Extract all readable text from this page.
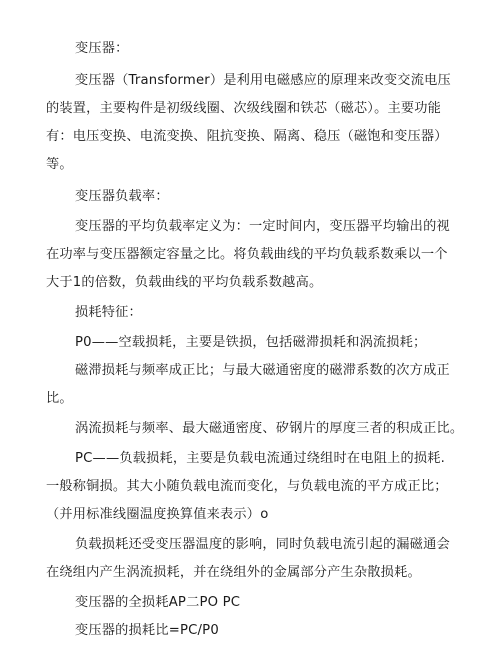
变压器：
变压器（Transformer）是利用电磁感应的原理来改变交流电压
的装置，主要构件是初级线圈、次级线圈和铁芯（磁芯）。主要功能
有：电压变换、电流变换、阻抗变换、隔离、稳压（磁饱和变压器）
等。
变压器负载率：
变压器的平均负载率定义为：一定时间内，变压器平均输出的视
在功率与变压器额定容量之比。将负载曲线的平均负载系数乘以一个
大于1的倍数，负载曲线的平均负载系数越高。
损耗特征：
P0——空载损耗，主要是铁损，包括磁滞损耗和涡流损耗；
磁滞损耗与频率成正比；与最大磁通密度的磁滞系数的次方成正
比。
涡流损耗与频率、最大磁通密度、矽钢片的厚度三者的积成正比。
PC——负载损耗，主要是负载电流通过绕组时在电阻上的损耗.
一般称铜损。其大小随负载电流而变化，与负载电流的平方成正比；
（并用标准线圈温度换算值来表示）o
负载损耗还受变压器温度的影响，同时负载电流引起的漏磁通会
在绕组内产生涡流损耗，并在绕组外的金属部分产生杂散损耗。
变压器的全损耗AP二PO PC
变压器的损耗比=PC/P0
